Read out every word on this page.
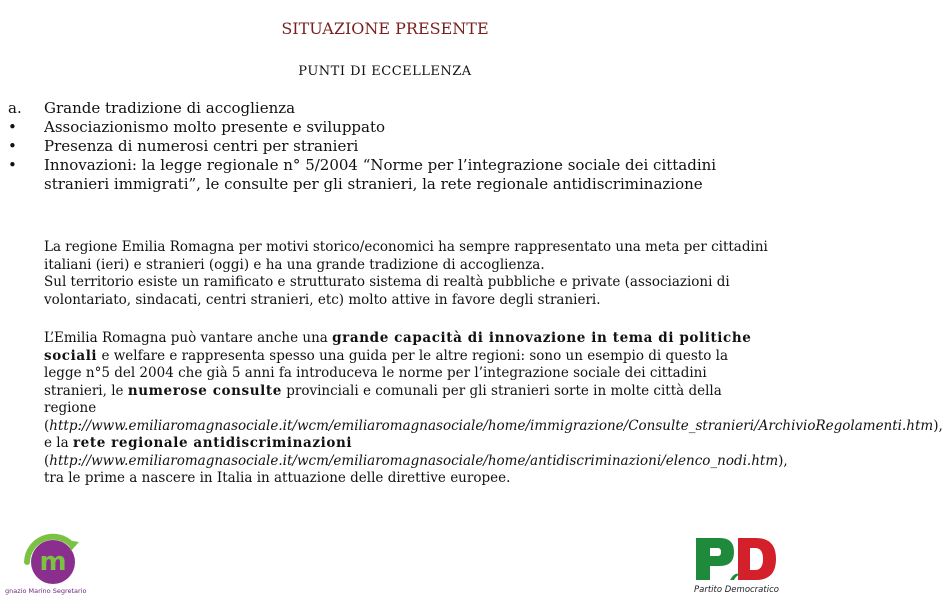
SITUAZIONE PRESENTE
PUNTI DI ECCELLENZA
a.	Grande tradizione di accoglienza
•	Associazionismo molto presente e sviluppato
•	Presenza di numerosi centri per stranieri
•	Innovazioni: la legge regionale n° 5/2004 “Norme per l’integrazione sociale dei cittadini stranieri immigrati”, le consulte per gli stranieri, la rete regionale antidiscriminazione
La regione Emilia Romagna per motivi storico/economici ha sempre rappresentato una meta per cittadini italiani (ieri) e stranieri (oggi) e ha una grande tradizione di accoglienza.
Sul territorio esiste un ramificato e strutturato sistema di realtà pubbliche e private (associazioni di volontariato, sindacati, centri stranieri, etc) molto attive in favore degli stranieri.
L’Emilia Romagna può vantare anche una grande capacità di innovazione in tema di politiche sociali e welfare e rappresenta spesso una guida per le altre regioni: sono un esempio di questo la legge n°5 del 2004 che già 5 anni fa introduceva le norme per l’integrazione sociale dei cittadini stranieri, le numerose consulte provinciali e comunali per gli stranieri sorte in molte città della regione (http://www.emiliaromagnasociale.it/wcm/emiliaromagnasociale/home/immigrazione/Consulte_stranieri/ArchivioRegolamenti.htm), e la rete regionale antidiscriminazioni (http://www.emiliaromagnasociale.it/wcm/emiliaromagnasociale/home/antidiscriminazioni/elenco_nodi.htm), tra le prime a nascere in Italia in attuazione delle direttive europee.
m
gnazio Marino Segretario	Partito Democratico
